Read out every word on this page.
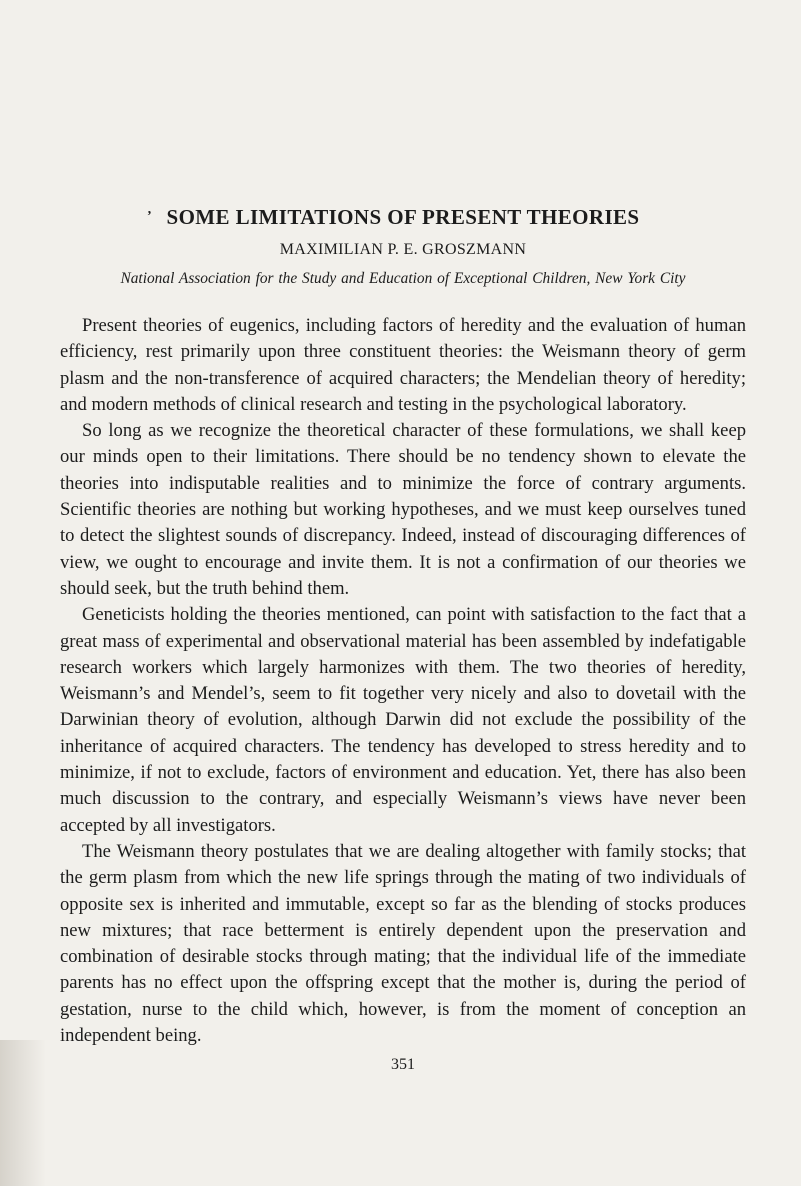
’ SOME LIMITATIONS OF PRESENT THEORIES
MAXIMILIAN P. E. GROSZMANN
National Association for the Study and Education of Exceptional Children, New York City

Present theories of eugenics, including factors of heredity and the evaluation of human efficiency, rest primarily upon three constituent theories: the Weismann theory of germ plasm and the non-transference of acquired characters; the Mendelian theory of heredity; and modern methods of clinical research and testing in the psychological laboratory.

So long as we recognize the theoretical character of these formulations, we shall keep our minds open to their limitations. There should be no tendency shown to elevate the theories into indisputable realities and to minimize the force of contrary arguments. Scientific theories are nothing but working hypotheses, and we must keep ourselves tuned to detect the slightest sounds of discrepancy. Indeed, instead of discouraging differences of view, we ought to encourage and invite them. It is not a confirmation of our theories we should seek, but the truth behind them.

Geneticists holding the theories mentioned, can point with satisfaction to the fact that a great mass of experimental and observational material has been assembled by indefatigable research workers which largely harmonizes with them. The two theories of heredity, Weismann’s and Mendel’s, seem to fit together very nicely and also to dovetail with the Darwinian theory of evolution, although Darwin did not exclude the possibility of the inheritance of acquired characters. The tendency has developed to stress heredity and to minimize, if not to exclude, factors of environment and education. Yet, there has also been much discussion to the contrary, and especially Weismann’s views have never been accepted by all investigators.

The Weismann theory postulates that we are dealing altogether with family stocks; that the germ plasm from which the new life springs through the mating of two individuals of opposite sex is inherited and immutable, except so far as the blending of stocks produces new mixtures; that race betterment is entirely dependent upon the preservation and combination of desirable stocks through mating; that the individual life of the immediate parents has no effect upon the offspring except that the mother is, during the period of gestation, nurse to the child which, however, is from the moment of conception an independent being.

351
